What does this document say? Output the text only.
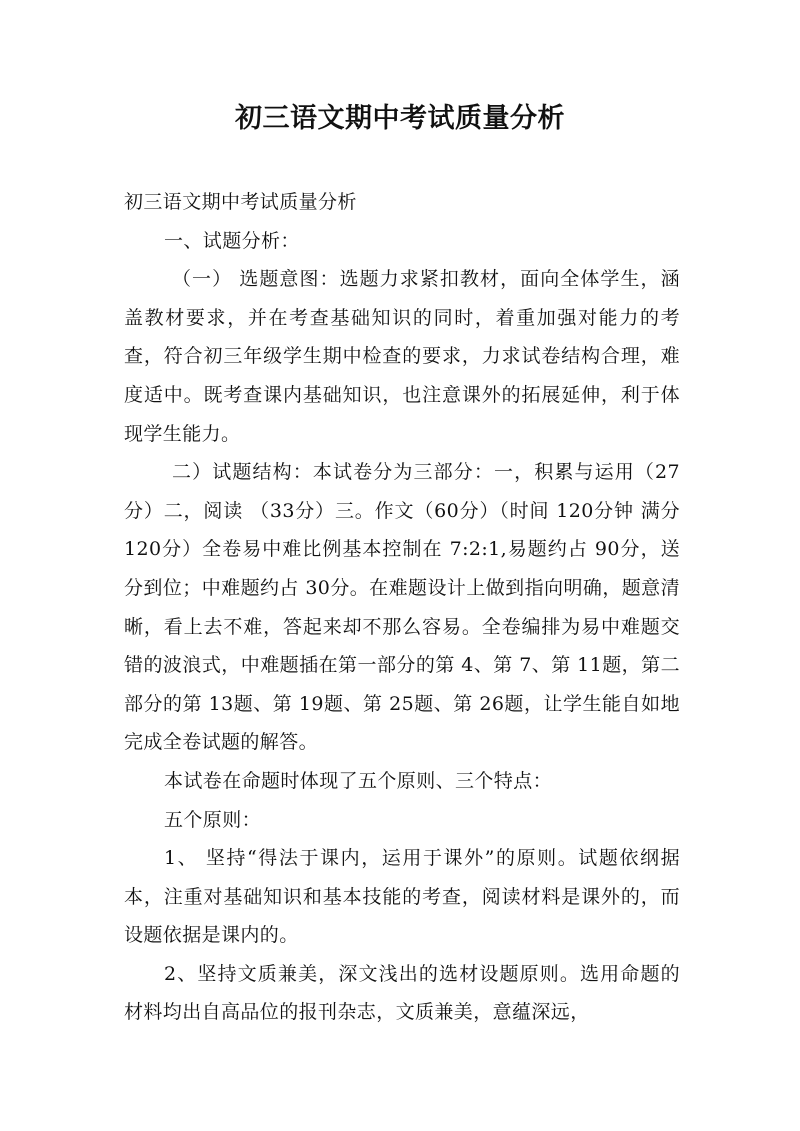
初三语文期中考试质量分析

初三语文期中考试质量分析

一、试题分析：

（一） 选题意图：选题力求紧扣教材，面向全体学生，涵盖教材要求，并在考查基础知识的同时，着重加强对能力的考查，符合初三年级学生期中检查的要求，力求试卷结构合理，难度适中。既考查课内基础知识，也注意课外的拓展延伸，利于体现学生能力。

二）试题结构：本试卷分为三部分：一，积累与运用（27分）二，阅读 （33分）三。作文（60分）（时间 120分钟 满分 120分）全卷易中难比例基本控制在 7:2:1,易题约占 90分，送分到位；中难题约占 30分。在难题设计上做到指向明确，题意清晰，看上去不难，答起来却不那么容易。全卷编排为易中难题交错的波浪式，中难题插在第一部分的第 4、第 7、第 11题，第二部分的第 13题、第 19题、第 25题、第 26题，让学生能自如地完成全卷试题的解答。

本试卷在命题时体现了五个原则、三个特点：

五个原则：

1、 坚持“得法于课内，运用于课外”的原则。试题依纲据本，注重对基础知识和基本技能的考查，阅读材料是课外的，而设题依据是课内的。

2、坚持文质兼美，深文浅出的选材设题原则。选用命题的材料均出自高品位的报刊杂志，文质兼美，意蕴深远，
